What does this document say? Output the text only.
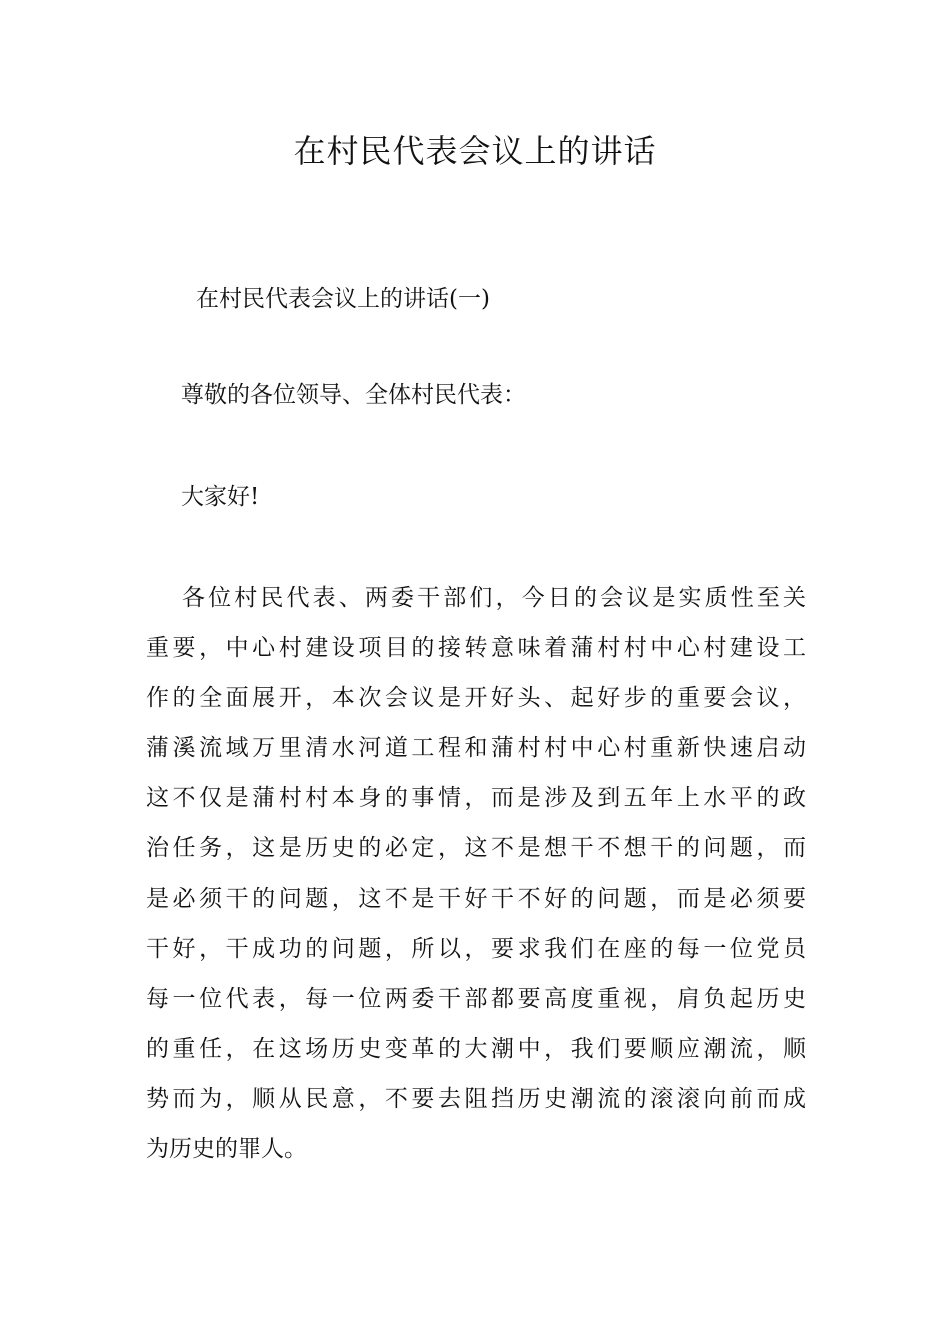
在村民代表会议上的讲话
在村民代表会议上的讲话(一)
尊敬的各位领导、全体村民代表：
大家好!
各位村民代表、两委干部们，今日的会议是实质性至关
重要，中心村建设项目的接转意味着蒲村村中心村建设工
作的全面展开，本次会议是开好头、起好步的重要会议，
蒲溪流域万里清水河道工程和蒲村村中心村重新快速启动
这不仅是蒲村村本身的事情，而是涉及到五年上水平的政
治任务，这是历史的必定，这不是想干不想干的问题，而
是必须干的问题，这不是干好干不好的问题，而是必须要
干好，干成功的问题，所以，要求我们在座的每一位党员
每一位代表，每一位两委干部都要高度重视，肩负起历史
的重任，在这场历史变革的大潮中，我们要顺应潮流，顺
势而为，顺从民意，不要去阻挡历史潮流的滚滚向前而成
为历史的罪人。
